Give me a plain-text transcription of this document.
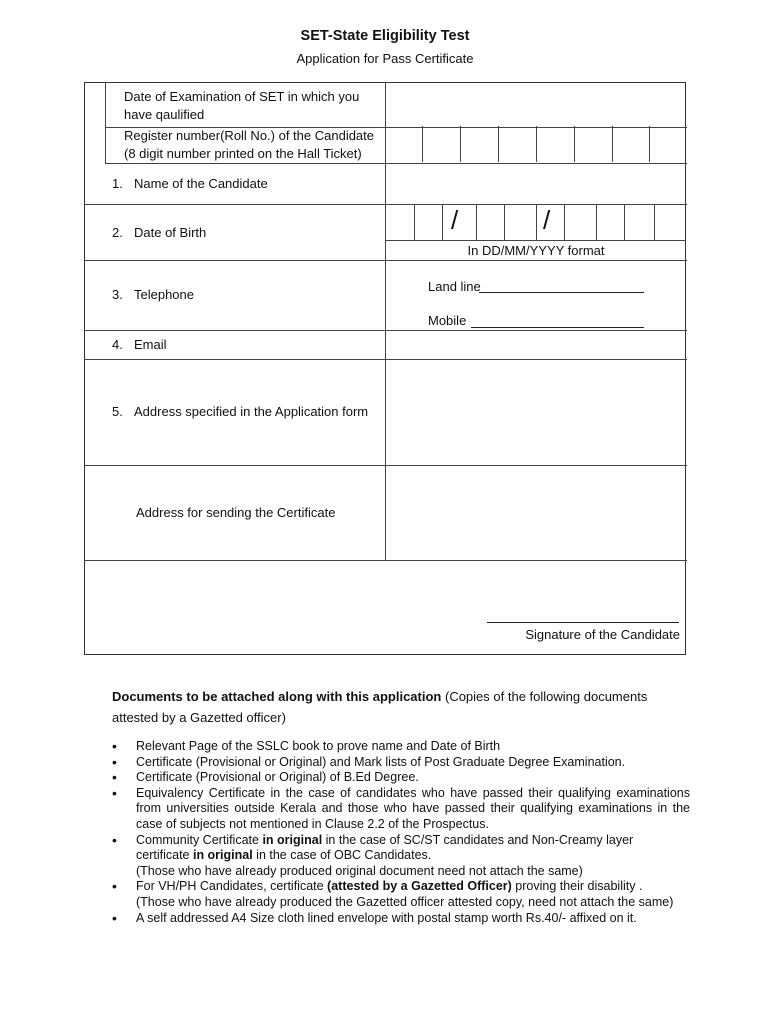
SET-State Eligibility Test
Application for Pass Certificate
Date of Examination of SET in which you have qaulified
Register number(Roll No.) of the Candidate
(8 digit number printed on the Hall Ticket)
1. Name of the Candidate
2. Date of Birth	/	/
In DD/MM/YYYY format
3. Telephone
Land line
Mobile
4. Email
5. Address specified in the Application form
Address for sending the Certificate
Signature of the Candidate
Documents to be attached along with this application (Copies of the following documents attested by a Gazetted officer)
• Relevant Page of the SSLC book to prove name and Date of Birth
• Certificate (Provisional or Original) and Mark lists of Post Graduate Degree Examination.
• Certificate (Provisional or Original) of B.Ed Degree.
• Equivalency Certificate in the case of candidates who have passed their qualifying examinations from universities outside Kerala and those who have passed their qualifying examinations in the case of subjects not mentioned in Clause 2.2 of the Prospectus.
• Community Certificate in original in the case of SC/ST candidates and Non-Creamy layer certificate in original in the case of OBC Candidates.
(Those who have already produced original document need not attach the same)
• For VH/PH Candidates, certificate (attested by a Gazetted Officer) proving their disability .
(Those who have already produced the Gazetted officer attested copy, need not attach the same)
• A self addressed A4 Size cloth lined envelope with postal stamp worth Rs.40/- affixed on it.
